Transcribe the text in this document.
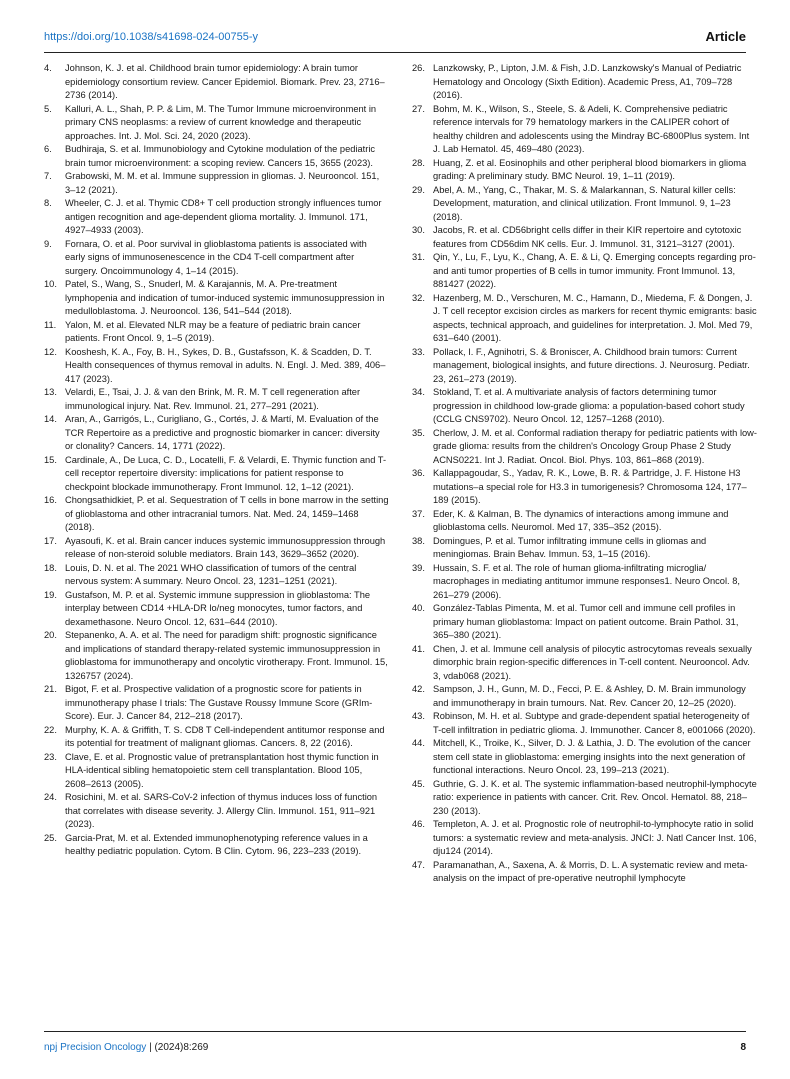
https://doi.org/10.1038/s41698-024-00755-y	Article
4 . Johnson, K. J. et al. Childhood brain tumor epidemiology: A brain tumor epidemiology consortium review. Cancer Epidemiol. Biomark. Prev. 23, 2716–2736 (2014).
5 . Kalluri, A. L., Shah, P. P. & Lim, M. The Tumor Immune microenvironment in primary CNS neoplasms: a review of current knowledge and therapeutic approaches. Int. J. Mol. Sci. 24, 2020 (2023).
6 . Budhiraja, S. et al. Immunobiology and Cytokine modulation of the pediatric brain tumor microenvironment: a scoping review. Cancers 15, 3655 (2023).
7 . Grabowski, M. M. et al. Immune suppression in gliomas. J. Neurooncol. 151, 3–12 (2021).
8 . Wheeler, C. J. et al. Thymic CD8+ T cell production strongly influences tumor antigen recognition and age-dependent glioma mortality. J. Immunol. 171, 4927–4933 (2003).
9 . Fornara, O. et al. Poor survival in glioblastoma patients is associated with early signs of immunosenescence in the CD4 T-cell compartment after surgery. Oncoimmunology 4, 1–14 (2015).
10 . Patel, S., Wang, S., Snuderl, M. & Karajannis, M. A. Pre-treatment lymphopenia and indication of tumor-induced systemic immunosuppression in medulloblastoma. J. Neurooncol. 136, 541–544 (2018).
11 . Yalon, M. et al. Elevated NLR may be a feature of pediatric brain cancer patients. Front Oncol. 9, 1–5 (2019).
12 . Kooshesh, K. A., Foy, B. H., Sykes, D. B., Gustafsson, K. & Scadden, D. T. Health consequences of thymus removal in adults. N. Engl. J. Med. 389, 406–417 (2023).
13 . Velardi, E., Tsai, J. J. & van den Brink, M. R. M. T cell regeneration after immunological injury. Nat. Rev. Immunol. 21, 277–291 (2021).
14 . Aran, A., Garrigós, L., Curigliano, G., Cortés, J. & Martí, M. Evaluation of the TCR Repertoire as a predictive and prognostic biomarker in cancer: diversity or clonality? Cancers. 14, 1771 (2022).
15 . Cardinale, A., De Luca, C. D., Locatelli, F. & Velardi, E. Thymic function and T-cell receptor repertoire diversity: implications for patient response to checkpoint blockade immunotherapy. Front Immunol. 12, 1–12 (2021).
16 . Chongsathidkiet, P. et al. Sequestration of T cells in bone marrow in the setting of glioblastoma and other intracranial tumors. Nat. Med. 24, 1459–1468 (2018).
17 . Ayasoufi, K. et al. Brain cancer induces systemic immunosuppression through release of non-steroid soluble mediators. Brain 143, 3629–3652 (2020).
18 . Louis, D. N. et al. The 2021 WHO classification of tumors of the central nervous system: A summary. Neuro Oncol. 23, 1231–1251 (2021).
19 . Gustafson, M. P. et al. Systemic immune suppression in glioblastoma: The interplay between CD14 +HLA-DR lo/neg monocytes, tumor factors, and dexamethasone. Neuro Oncol. 12, 631–644 (2010).
20 . Stepanenko, A. A. et al. The need for paradigm shift: prognostic significance and implications of standard therapy-related systemic immunosuppression in glioblastoma for immunotherapy and oncolytic virotherapy. Front. Immunol. 15, 1326757 (2024).
21 . Bigot, F. et al. Prospective validation of a prognostic score for patients in immunotherapy phase I trials: The Gustave Roussy Immune Score (GRIm-Score). Eur. J. Cancer 84, 212–218 (2017).
22 . Murphy, K. A. & Griffith, T. S. CD8 T Cell-independent antitumor response and its potential for treatment of malignant gliomas. Cancers. 8, 22 (2016).
23 . Clave, E. et al. Prognostic value of pretransplantation host thymic function in HLA-identical sibling hematopoietic stem cell transplantation. Blood 105, 2608–2613 (2005).
24 . Rosichini, M. et al. SARS-CoV-2 infection of thymus induces loss of function that correlates with disease severity. J. Allergy Clin. Immunol. 151, 911–921 (2023).
25 . Garcia-Prat, M. et al. Extended immunophenotyping reference values in a healthy pediatric population. Cytom. B Clin. Cytom. 96, 223–233 (2019).
26 . Lanzkowsky, P., Lipton, J.M. & Fish, J.D. Lanzkowsky's Manual of Pediatric Hematology and Oncology (Sixth Edition). Academic Press, A1, 709–728 (2016).
27 . Bohm, M. K., Wilson, S., Steele, S. & Adeli, K. Comprehensive pediatric reference intervals for 79 hematology markers in the CALIPER cohort of healthy children and adolescents using the Mindray BC-6800Plus system. Int J. Lab Hematol. 45, 469–480 (2023).
28 . Huang, Z. et al. Eosinophils and other peripheral blood biomarkers in glioma grading: A preliminary study. BMC Neurol. 19, 1–11 (2019).
29 . Abel, A. M., Yang, C., Thakar, M. S. & Malarkannan, S. Natural killer cells: Development, maturation, and clinical utilization. Front Immunol. 9, 1–23 (2018).
30 . Jacobs, R. et al. CD56bright cells differ in their KIR repertoire and cytotoxic features from CD56dim NK cells. Eur. J. Immunol. 31, 3121–3127 (2001).
31 . Qin, Y., Lu, F., Lyu, K., Chang, A. E. & Li, Q. Emerging concepts regarding pro- and anti tumor properties of B cells in tumor immunity. Front Immunol. 13, 881427 (2022).
32 . Hazenberg, M. D., Verschuren, M. C., Hamann, D., Miedema, F. & Dongen, J. J. T cell receptor excision circles as markers for recent thymic emigrants: basic aspects, technical approach, and guidelines for interpretation. J. Mol. Med 79, 631–640 (2001).
33 . Pollack, I. F., Agnihotri, S. & Broniscer, A. Childhood brain tumors: Current management, biological insights, and future directions. J. Neurosurg. Pediatr. 23, 261–273 (2019).
34 . Stokland, T. et al. A multivariate analysis of factors determining tumor progression in childhood low-grade glioma: a population-based cohort study (CCLG CNS9702). Neuro Oncol. 12, 1257–1268 (2010).
35 . Cherlow, J. M. et al. Conformal radiation therapy for pediatric patients with low-grade glioma: results from the children's Oncology Group Phase 2 Study ACNS0221. Int J. Radiat. Oncol. Biol. Phys. 103, 861–868 (2019).
36 . Kallappagoudar, S., Yadav, R. K., Lowe, B. R. & Partridge, J. F. Histone H3 mutations–a special role for H3.3 in tumorigenesis? Chromosoma 124, 177–189 (2015).
37 . Eder, K. & Kalman, B. The dynamics of interactions among immune and glioblastoma cells. Neuromol. Med 17, 335–352 (2015).
38 . Domingues, P. et al. Tumor infiltrating immune cells in gliomas and meningiomas. Brain Behav. Immun. 53, 1–15 (2016).
39 . Hussain, S. F. et al. The role of human glioma-infiltrating microglia/ macrophages in mediating antitumor immune responses1. Neuro Oncol. 8, 261–279 (2006).
40 . González-Tablas Pimenta, M. et al. Tumor cell and immune cell profiles in primary human glioblastoma: Impact on patient outcome. Brain Pathol. 31, 365–380 (2021).
41 . Chen, J. et al. Immune cell analysis of pilocytic astrocytomas reveals sexually dimorphic brain region-specific differences in T-cell content. Neurooncol. Adv. 3, vdab068 (2021).
42 . Sampson, J. H., Gunn, M. D., Fecci, P. E. & Ashley, D. M. Brain immunology and immunotherapy in brain tumours. Nat. Rev. Cancer 20, 12–25 (2020).
43 . Robinson, M. H. et al. Subtype and grade-dependent spatial heterogeneity of T-cell infiltration in pediatric glioma. J. Immunother. Cancer 8, e001066 (2020).
44 . Mitchell, K., Troike, K., Silver, D. J. & Lathia, J. D. The evolution of the cancer stem cell state in glioblastoma: emerging insights into the next generation of functional interactions. Neuro Oncol. 23, 199–213 (2021).
45 . Guthrie, G. J. K. et al. The systemic inflammation-based neutrophil-lymphocyte ratio: experience in patients with cancer. Crit. Rev. Oncol. Hematol. 88, 218–230 (2013).
46 . Templeton, A. J. et al. Prognostic role of neutrophil-to-lymphocyte ratio in solid tumors: a systematic review and meta-analysis. JNCI: J. Natl Cancer Inst. 106, dju124 (2014).
47 . Paramanathan, A., Saxena, A. & Morris, D. L. A systematic review and meta-analysis on the impact of pre-operative neutrophil lymphocyte
npj Precision Oncology | (2024)8:269	8
